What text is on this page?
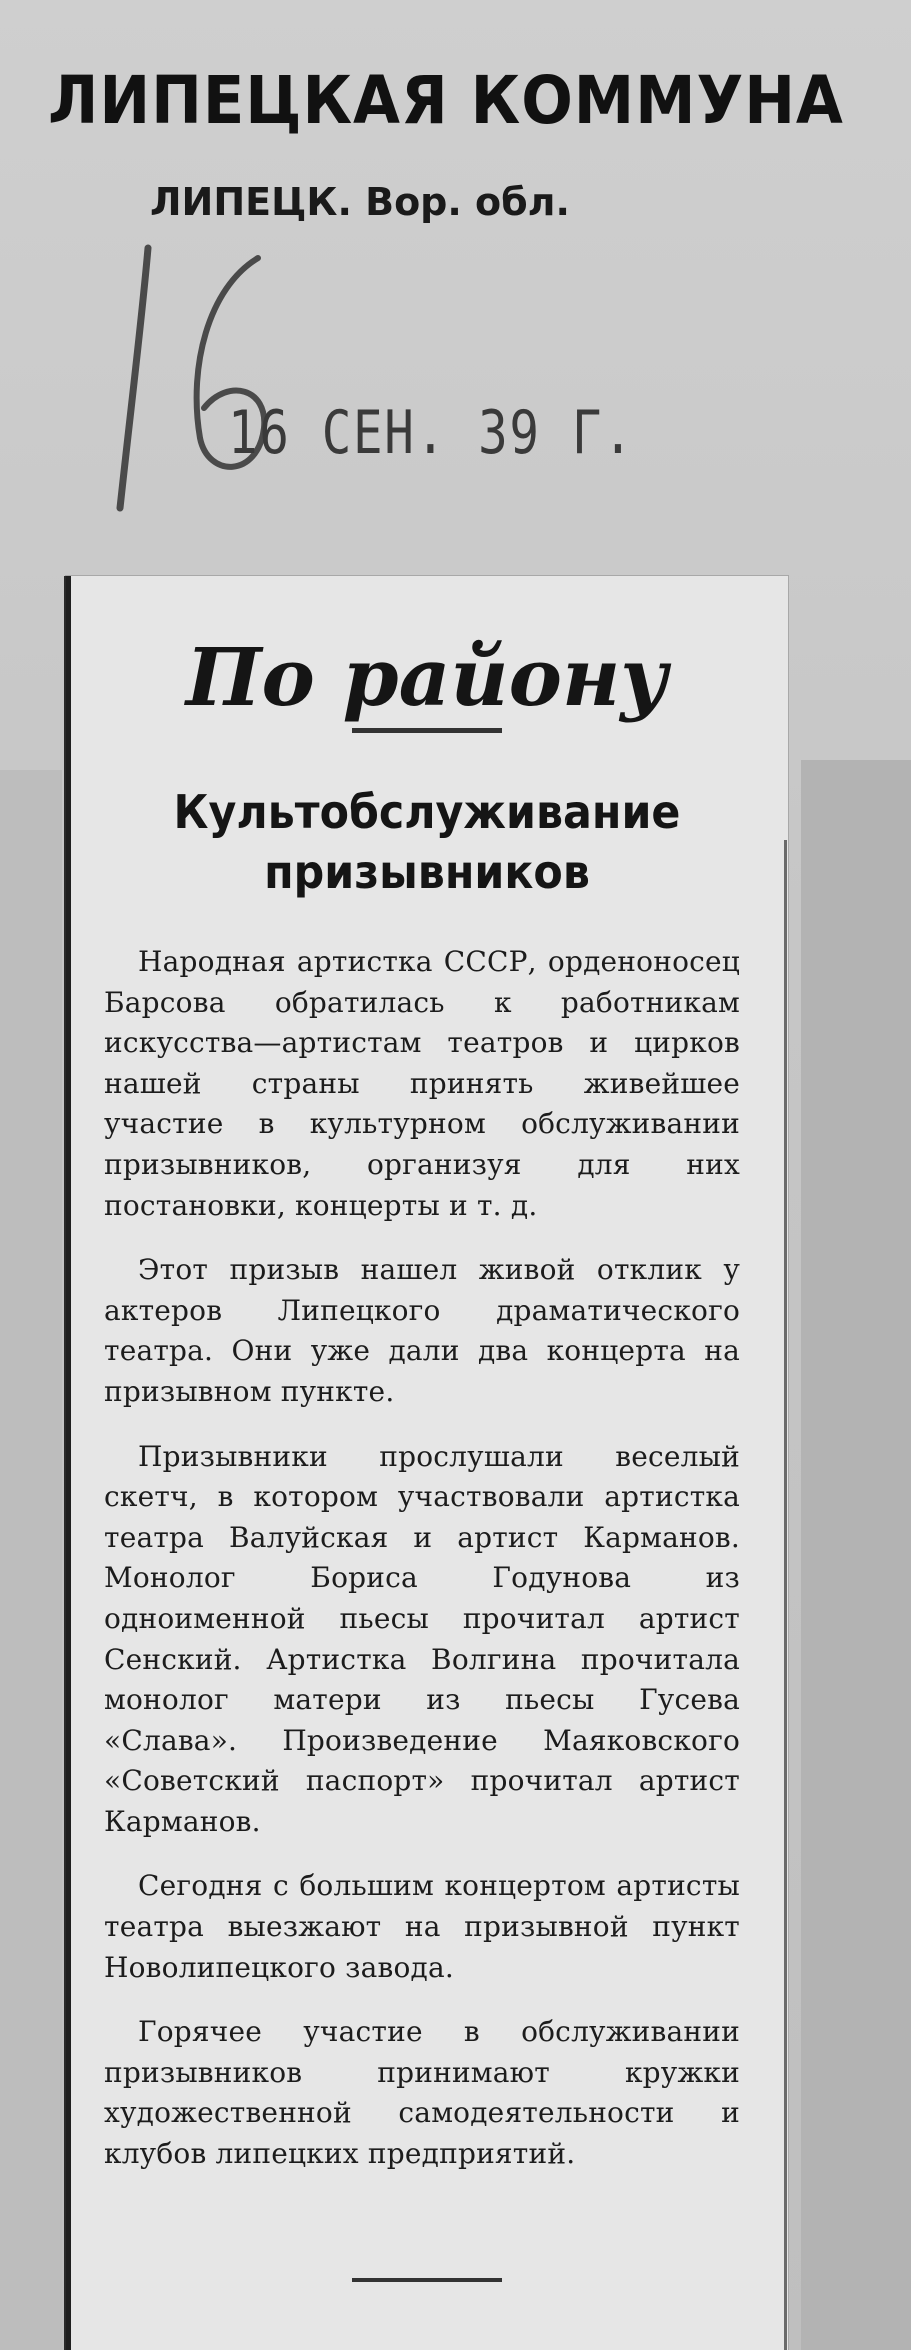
ЛИПЕЦКАЯ КОММУНА
ЛИПЕЦК. Вор. обл.
16 СЕН. 39 Г.
По району
Культобслуживание призывников

Народная артистка СССР, орденоносец Барсова обратилась к работникам искусства—артистам театров и цирков нашей страны принять живейшее участие в культурном обслуживании призывников, организуя для них постановки, концерты и т. д.

Этот призыв нашел живой отклик у актеров Липецкого драматического театра. Они уже дали два концерта на призывном пункте.

Призывники прослушали веселый скетч, в котором участвовали артистка театра Валуйская и артист Карманов. Монолог Бориса Годунова из одноименной пьесы прочитал артист Сенский. Артистка Волгина прочитала монолог матери из пьесы Гусева «Слава». Произведение Маяковского «Советский паспорт» прочитал артист Карманов.

Сегодня с большим концертом артисты театра выезжают на призывной пункт Новолипецкого завода.

Горячее участие в обслуживании призывников принимают кружки художественной самодеятельности и клубов липецких предприятий.
